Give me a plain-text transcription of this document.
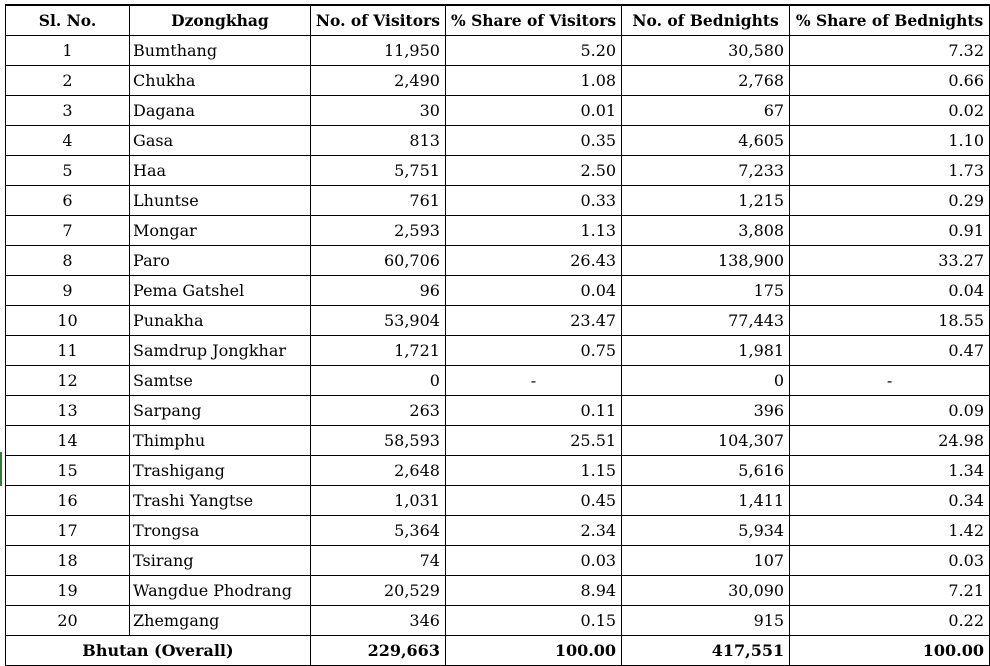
Sl. No.	Dzongkhag	No. of Visitors	% Share of Visitors	No. of Bednights	% Share of Bednights
1	Bumthang	11,950	5.20	30,580	7.32
2	Chukha	2,490	1.08	2,768	0.66
3	Dagana	30	0.01	67	0.02
4	Gasa	813	0.35	4,605	1.10
5	Haa	5,751	2.50	7,233	1.73
6	Lhuntse	761	0.33	1,215	0.29
7	Mongar	2,593	1.13	3,808	0.91
8	Paro	60,706	26.43	138,900	33.27
9	Pema Gatshel	96	0.04	175	0.04
10	Punakha	53,904	23.47	77,443	18.55
11	Samdrup Jongkhar	1,721	0.75	1,981	0.47
12	Samtse	0	-	0	-
13	Sarpang	263	0.11	396	0.09
14	Thimphu	58,593	25.51	104,307	24.98
15	Trashigang	2,648	1.15	5,616	1.34
16	Trashi Yangtse	1,031	0.45	1,411	0.34
17	Trongsa	5,364	2.34	5,934	1.42
18	Tsirang	74	0.03	107	0.03
19	Wangdue Phodrang	20,529	8.94	30,090	7.21
20	Zhemgang	346	0.15	915	0.22
Bhutan (Overall)		229,663	100.00	417,551	100.00
